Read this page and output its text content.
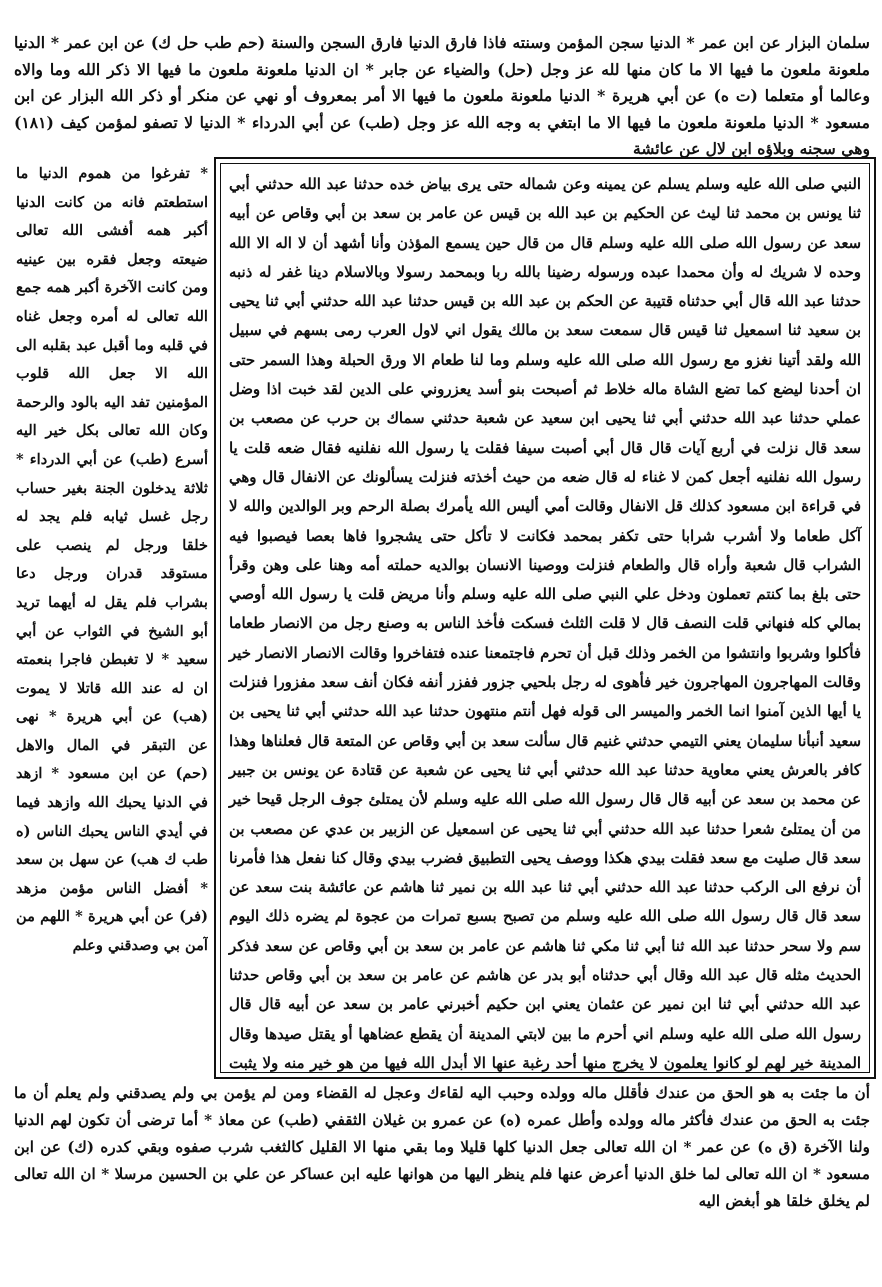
سلمان البزار عن ابن عمر * الدنيا سجن المؤمن وسنته فاذا فارق الدنيا فارق السجن والسنة (حم طب حل ك) عن ابن عمر * الدنيا ملعونة ملعون ما فيها الا ما كان منها لله عز وجل (حل) والضياء عن جابر * ان الدنيا ملعونة ملعون ما فيها الا ذكر الله وما والاه وعالما أو متعلما (ت ه) عن أبي هريرة * الدنيا ملعونة ملعون ما فيها الا أمر بمعروف أو نهي عن منكر أو ذكر الله البزار عن ابن مسعود * الدنيا ملعونة ملعون ما فيها الا ما ابتغي به وجه الله عز وجل (طب) عن أبي الدرداء * الدنيا لا تصفو لمؤمن كيف (١٨١) وهي سجنه وبلاؤه ابن لال عن عائشة
النبي صلى الله عليه وسلم يسلم عن يمينه وعن شماله حتى يرى بياض خده حدثنا عبد الله حدثني أبي ثنا يونس بن محمد ثنا ليث عن الحكيم بن عبد الله بن قيس عن عامر بن سعد بن أبي وقاص عن أبيه سعد عن رسول الله صلى الله عليه وسلم قال من قال حين يسمع المؤذن وأنا أشهد أن لا اله الا الله وحده لا شريك له وأن محمدا عبده ورسوله رضينا بالله ربا وبمحمد رسولا وبالاسلام دينا غفر له ذنبه حدثنا عبد الله قال أبي حدثناه قتيبة عن الحكم بن عبد الله بن قيس حدثنا عبد الله حدثني أبي ثنا يحيى بن سعيد ثنا اسمعيل ثنا قيس قال سمعت سعد بن مالك يقول اني لاول العرب رمى بسهم في سبيل الله ولقد أتينا نغزو مع رسول الله صلى الله عليه وسلم وما لنا طعام الا ورق الحبلة وهذا السمر حتى ان أحدنا ليضع كما تضع الشاة ماله خلاط ثم أصبحت بنو أسد يعزروني على الدين لقد خبت اذا وضل عملي حدثنا عبد الله حدثني أبي ثنا يحيى ابن سعيد عن شعبة حدثني سماك بن حرب عن مصعب بن سعد قال نزلت في أربع آيات قال قال أبي أصبت سيفا فقلت يا رسول الله نفلنيه فقال ضعه قلت يا رسول الله نفلنيه أجعل كمن لا غناء له قال ضعه من حيث أخذته فنزلت يسألونك عن الانفال قال وهي في قراءة ابن مسعود كذلك قل الانفال وقالت أمي أليس الله يأمرك بصلة الرحم وبر الوالدين والله لا آكل طعاما ولا أشرب شرابا حتى تكفر بمحمد فكانت لا تأكل حتى يشجروا فاها بعصا فيصبوا فيه الشراب قال شعبة وأراه قال والطعام فنزلت ووصينا الانسان بوالديه حملته أمه وهنا على وهن وقرأ حتى بلغ بما كنتم تعملون ودخل علي النبي صلى الله عليه وسلم وأنا مريض قلت يا رسول الله أوصي بمالي كله فنهاني قلت النصف قال لا قلت الثلث فسكت فأخذ الناس به وصنع رجل من الانصار طعاما فأكلوا وشربوا وانتشوا من الخمر وذلك قبل أن تحرم فاجتمعنا عنده فتفاخروا وقالت الانصار الانصار خير وقالت المهاجرون المهاجرون خير فأهوى له رجل بلحيي جزور ففزر أنفه فكان أنف سعد مفزورا فنزلت يا أيها الذين آمنوا انما الخمر والميسر الى قوله فهل أنتم منتهون حدثنا عبد الله حدثني أبي ثنا يحيى بن سعيد أنبأنا سليمان يعني التيمي حدثني غنيم قال سألت سعد بن أبي وقاص عن المتعة قال فعلناها وهذا كافر بالعرش يعني معاوية حدثنا عبد الله حدثني أبي ثنا يحيى عن شعبة عن قتادة عن يونس بن جبير عن محمد بن سعد عن أبيه قال قال رسول الله صلى الله عليه وسلم لأن يمتلئ جوف الرجل قيحا خير من أن يمتلئ شعرا حدثنا عبد الله حدثني أبي ثنا يحيى عن اسمعيل عن الزبير بن عدي عن مصعب بن سعد قال صليت مع سعد فقلت بيدي هكذا ووصف يحيى التطبيق فضرب بيدي وقال كنا نفعل هذا فأمرنا أن نرفع الى الركب حدثنا عبد الله حدثني أبي ثنا عبد الله بن نمير ثنا هاشم عن عائشة بنت سعد عن سعد قال قال رسول الله صلى الله عليه وسلم من تصبح بسبع تمرات من عجوة لم يضره ذلك اليوم سم ولا سحر حدثنا عبد الله ثنا أبي ثنا مكي ثنا هاشم عن عامر بن سعد بن أبي وقاص عن سعد فذكر الحديث مثله قال عبد الله وقال أبي حدثناه أبو بدر عن هاشم عن عامر بن سعد بن أبي وقاص حدثنا عبد الله حدثني أبي ثنا ابن نمير عن عثمان يعني ابن حكيم أخبرني عامر بن سعد عن أبيه قال قال رسول الله صلى الله عليه وسلم اني أحرم ما بين لابتي المدينة أن يقطع عضاهها أو يقتل صيدها وقال المدينة خير لهم لو كانوا يعلمون لا يخرج منها أحد رغبة عنها الا أبدل الله فيها من هو خير منه ولا يثبت
* تفرغوا من هموم الدنيا ما استطعتم فانه من كانت الدنيا أكبر همه أفشى الله تعالى ضيعته وجعل فقره بين عينيه ومن كانت الآخرة أكبر همه جمع الله تعالى له أمره وجعل غناه في قلبه وما أقبل عبد بقلبه الى الله الا جعل الله قلوب المؤمنين تفد اليه بالود والرحمة وكان الله تعالى بكل خير اليه أسرع (طب) عن أبي الدرداء * ثلاثة يدخلون الجنة بغير حساب رجل غسل ثيابه فلم يجد له خلقا ورجل لم ينصب على مستوقد قدران ورجل دعا بشراب فلم يقل له أيهما تريد أبو الشيخ في الثواب عن أبي سعيد * لا تغبطن فاجرا بنعمته ان له عند الله قاتلا لا يموت (هب) عن أبي هريرة * نهى عن التبقر في المال والاهل (حم) عن ابن مسعود * ازهد في الدنيا يحبك الله وازهد فيما في أيدي الناس يحبك الناس (ه طب ك هب) عن سهل بن سعد * أفضل الناس مؤمن مزهد (فر) عن أبي هريرة * اللهم من آمن بي وصدقني وعلم
أن ما جئت به هو الحق من عندك فأقلل ماله وولده وحبب اليه لقاءك وعجل له القضاء ومن لم يؤمن بي ولم يصدقني ولم يعلم أن ما جئت به الحق من عندك فأكثر ماله وولده وأطل عمره (ه) عن عمرو بن غيلان الثقفي (طب) عن معاذ * أما ترضى أن تكون لهم الدنيا ولنا الآخرة (ق ه) عن عمر * ان الله تعالى جعل الدنيا كلها قليلا وما بقي منها الا القليل كالثغب شرب صفوه وبقي كدره (ك) عن ابن مسعود * ان الله تعالى لما خلق الدنيا أعرض عنها فلم ينظر اليها من هوانها عليه ابن عساكر عن علي بن الحسين مرسلا * ان الله تعالى لم يخلق خلقا هو أبغض اليه
